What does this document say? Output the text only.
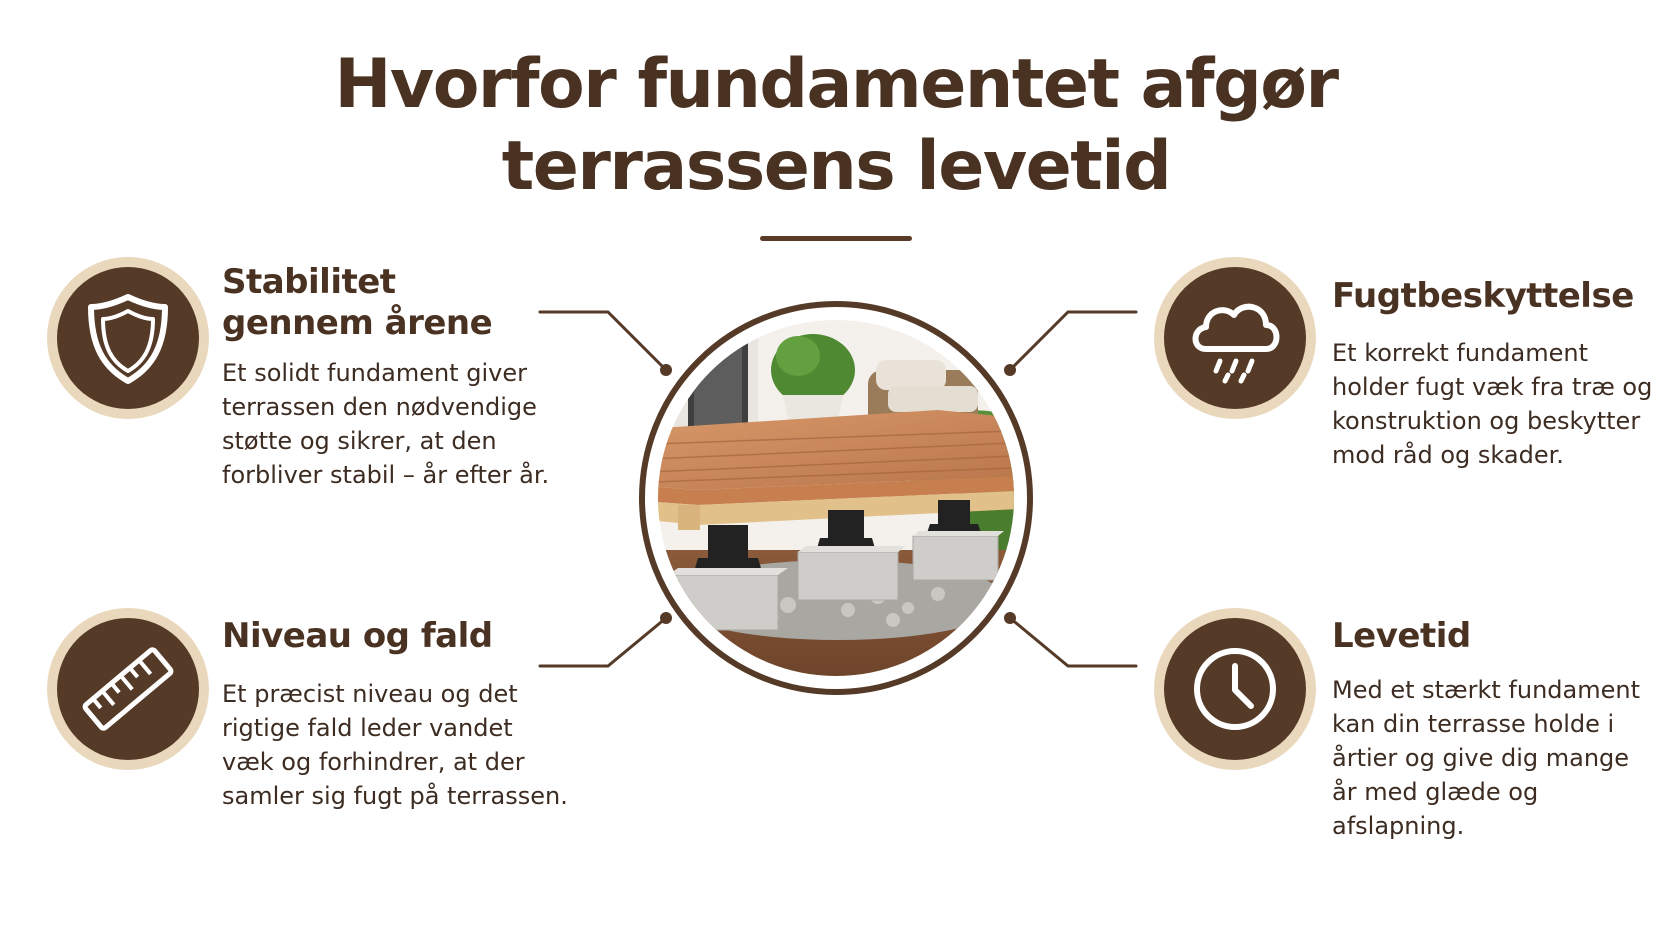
Hvorfor fundamentet afgør
terrassens levetid
Stabilitet
gennem årene

Et solidt fundament giver
terrassen den nødvendige
støtte og sikrer, at den
forbliver stabil – år efter år.

Niveau og fald

Et præcist niveau og det
rigtige fald leder vandet
væk og forhindrer, at der
samler sig fugt på terrassen.

Fugtbeskyttelse

Et korrekt fundament
holder fugt væk fra træ og
konstruktion og beskytter
mod råd og skader.

Levetid

Med et stærkt fundament
kan din terrasse holde i
årtier og give dig mange
år med glæde og afslapning.
